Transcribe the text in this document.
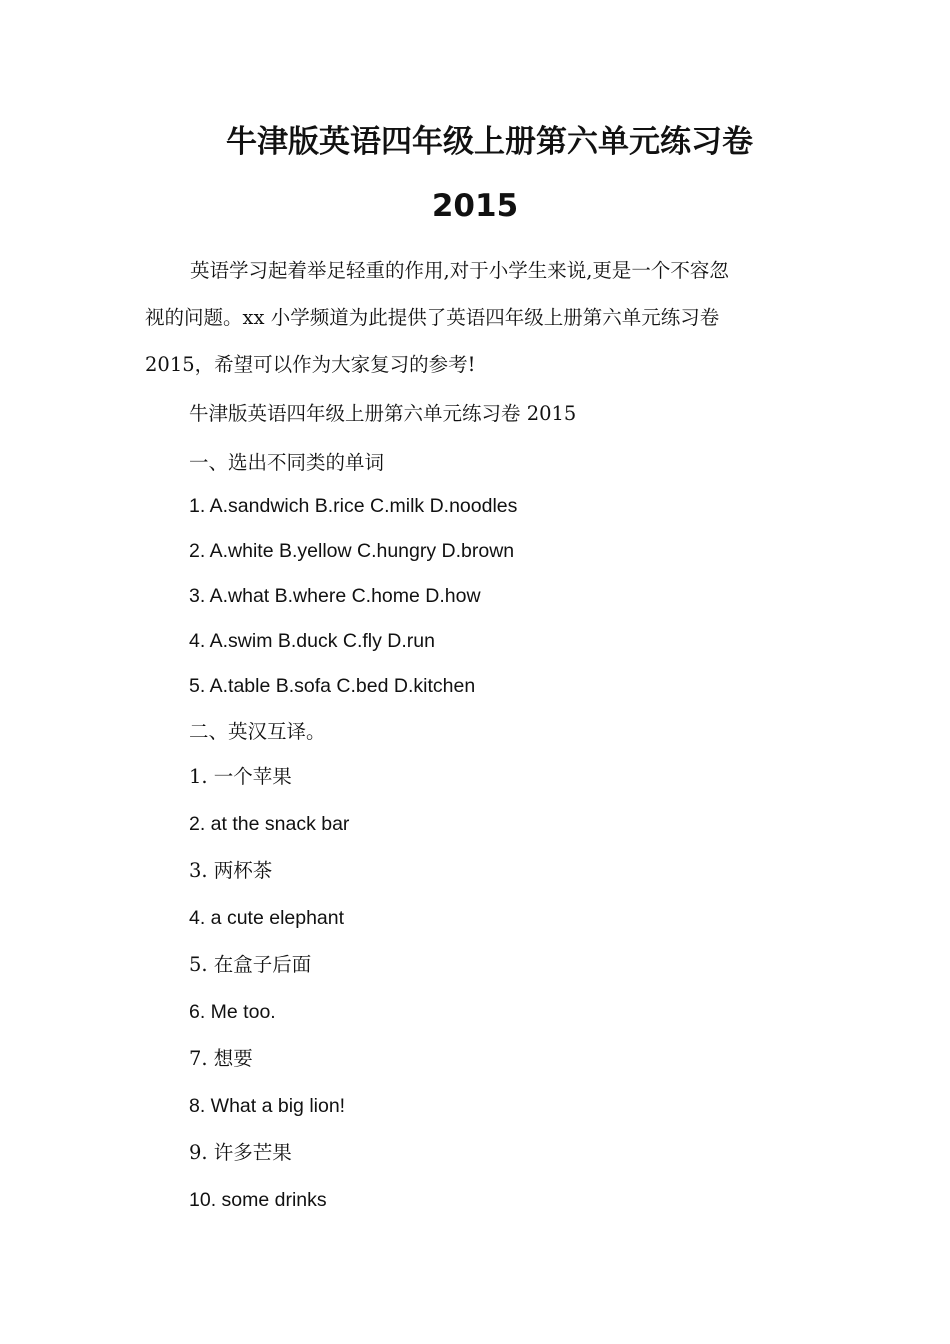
牛津版英语四年级上册第六单元练习卷
2015
英语学习起着举足轻重的作用,对于小学生来说,更是一个不容忽
视的问题。xx 小学频道为此提供了英语四年级上册第六单元练习卷
2015，希望可以作为大家复习的参考!
牛津版英语四年级上册第六单元练习卷 2015
一、选出不同类的单词
1. A.sandwich B.rice C.milk D.noodles
2. A.white B.yellow C.hungry D.brown
3. A.what B.where C.home D.how
4. A.swim B.duck C.fly D.run
5. A.table B.sofa C.bed D.kitchen
二、英汉互译。
1. 一个苹果
2. at the snack bar
3. 两杯茶
4. a cute elephant
5. 在盒子后面
6. Me too.
7. 想要
8. What a big lion!
9. 许多芒果
10. some drinks
